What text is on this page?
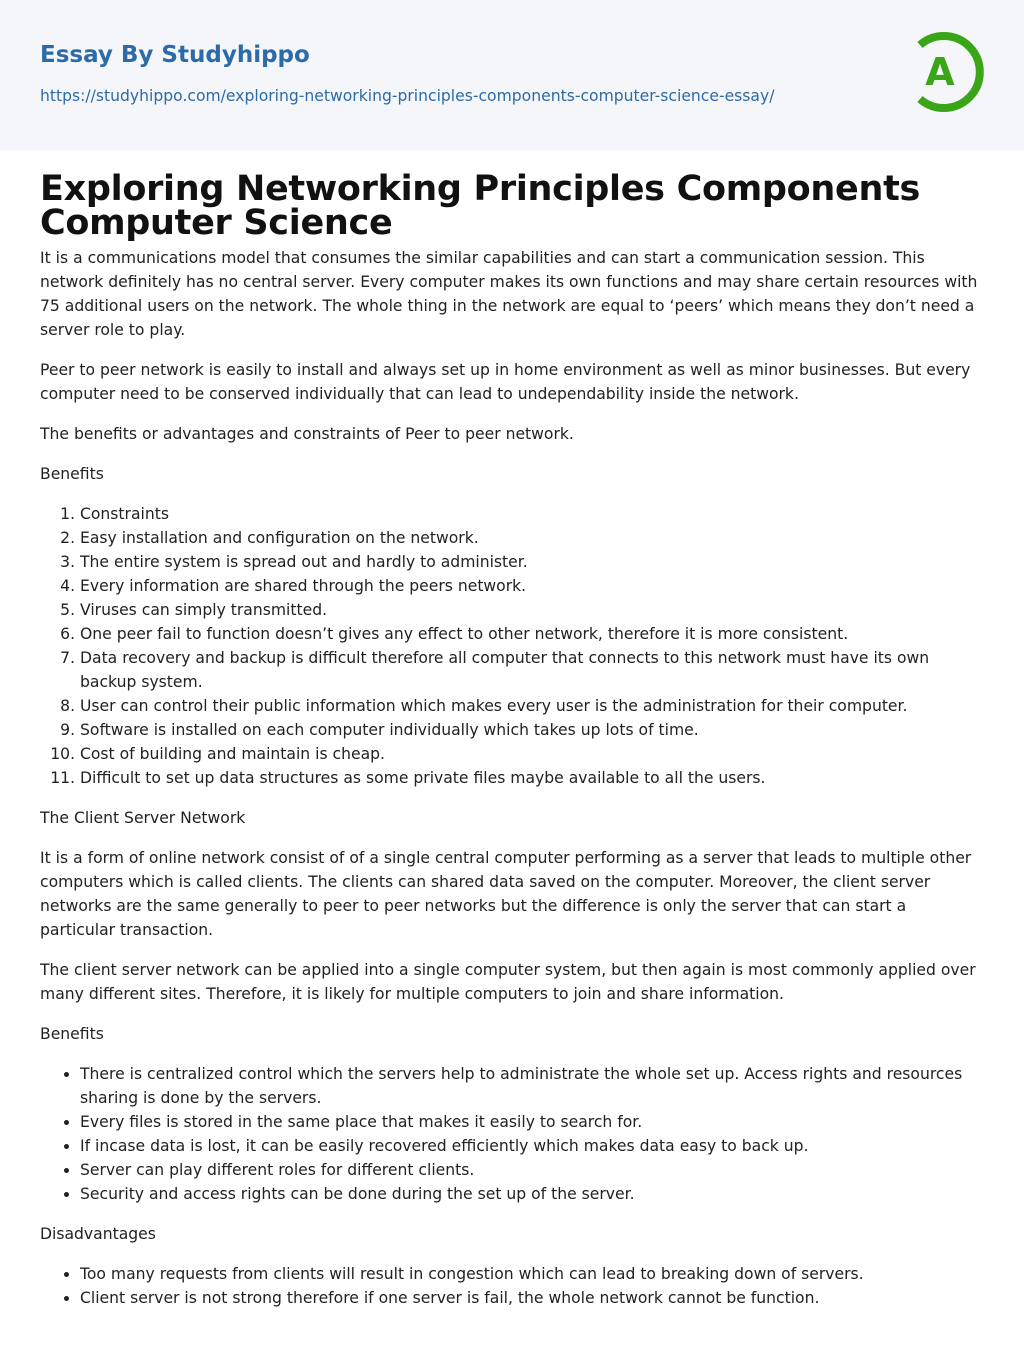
Essay By Studyhippo
https://studyhippo.com/exploring-networking-principles-components-computer-science-essay/
A
Exploring Networking Principles Components Computer Science

It is a communications model that consumes the similar capabilities and can start a communication session. This network definitely has no central server. Every computer makes its own functions and may share certain resources with 75 additional users on the network. The whole thing in the network are equal to ‘peers’ which means they don’t need a server role to play.

Peer to peer network is easily to install and always set up in home environment as well as minor businesses. But every computer need to be conserved individually that can lead to undependability inside the network.

The benefits or advantages and constraints of Peer to peer network.

Benefits

1. Constraints
2. Easy installation and configuration on the network.
3. The entire system is spread out and hardly to administer.
4. Every information are shared through the peers network.
5. Viruses can simply transmitted.
6. One peer fail to function doesn’t gives any effect to other network, therefore it is more consistent.
7. Data recovery and backup is difficult therefore all computer that connects to this network must have its own backup system.
8. User can control their public information which makes every user is the administration for their computer.
9. Software is installed on each computer individually which takes up lots of time.
10. Cost of building and maintain is cheap.
11. Difficult to set up data structures as some private files maybe available to all the users.

The Client Server Network

It is a form of online network consist of of a single central computer performing as a server that leads to multiple other computers which is called clients. The clients can shared data saved on the computer. Moreover, the client server networks are the same generally to peer to peer networks but the difference is only the server that can start a particular transaction.

The client server network can be applied into a single computer system, but then again is most commonly applied over many different sites. Therefore, it is likely for multiple computers to join and share information.

Benefits

• There is centralized control which the servers help to administrate the whole set up. Access rights and resources sharing is done by the servers.
• Every files is stored in the same place that makes it easily to search for.
• If incase data is lost, it can be easily recovered efficiently which makes data easy to back up.
• Server can play different roles for different clients.
• Security and access rights can be done during the set up of the server.

Disadvantages

• Too many requests from clients will result in congestion which can lead to breaking down of servers.
• Client server is not strong therefore if one server is fail, the whole network cannot be function.
